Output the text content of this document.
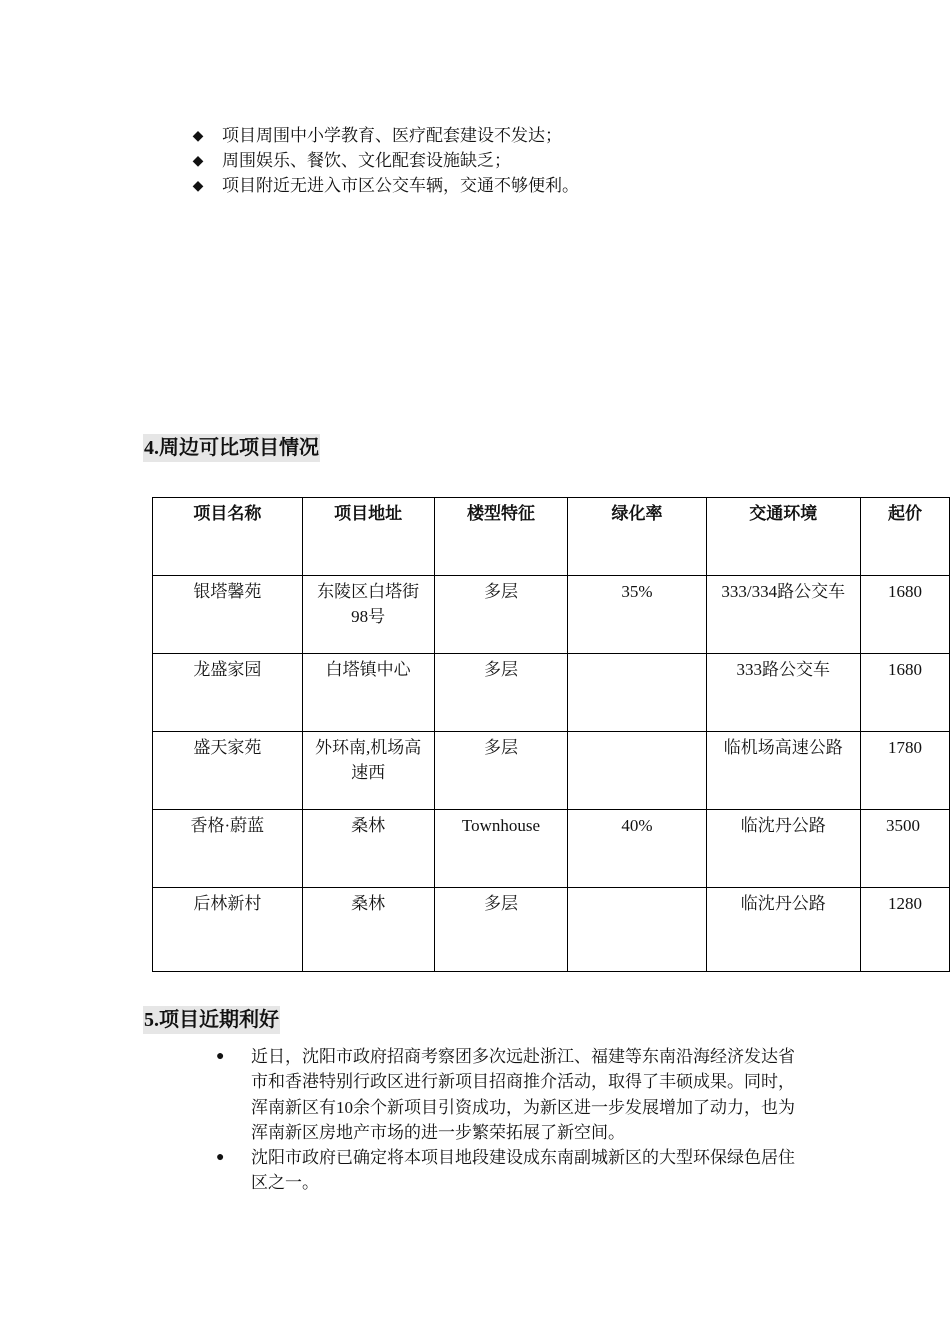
◆ 项目周围中小学教育、医疗配套建设不发达；
◆ 周围娱乐、餐饮、文化配套设施缺乏；
◆ 项目附近无进入市区公交车辆，交通不够便利。
4.周边可比项目情况
项目名称	项目地址	楼型特征	绿化率	交通环境	起价
银塔馨苑	东陵区白塔街98号	多层	35%	333/334路公交车	1680
龙盛家园	白塔镇中心	多层		333路公交车	1680
盛天家苑	外环南,机场高速西	多层		临机场高速公路	1780
香格·蔚蓝	桑林	Townhouse	40%	临沈丹公路	3500
后林新村	桑林	多层		临沈丹公路	1280
5.项目近期利好
●	近日，沈阳市政府招商考察团多次远赴浙江、福建等东南沿海经济发达省市和香港特别行政区进行新项目招商推介活动，取得了丰硕成果。同时，浑南新区有10余个新项目引资成功，为新区进一步发展增加了动力，也为浑南新区房地产市场的进一步繁荣拓展了新空间。
●	沈阳市政府已确定将本项目地段建设成东南副城新区的大型环保绿色居住区之一。
